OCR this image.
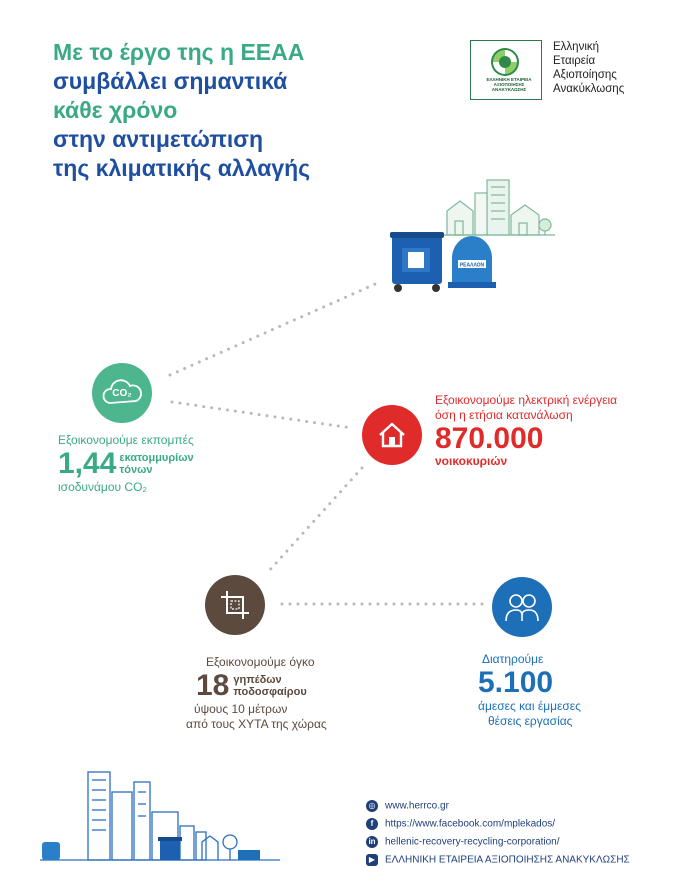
Με το έργο της η ΕΕΑΑ
συμβάλλει σημαντικά
κάθε χρόνο
στην αντιμετώπιση
της κλιματικής αλλαγής
ΕΛΛΗΝΙΚΗ ΕΤΑΙΡΕΙΑ
ΑΞΙΟΠΟΙΗΣΗΣ ΑΝΑΚΥΚΛΩΣΗΣ
Ελληνική
Εταιρεία
Αξιοποίησης
Ανακύκλωσης
ΡΕΑΛΛΟΝ
CO₂
Εξοικονομούμε εκπομπές
1,44 εκατομμυρίων
τόνων
ισοδυνάμου CO₂
Εξοικονομούμε ηλεκτρική ενέργεια
όση η ετήσια κατανάλωση
870.000
νοικοκυριών
Εξοικονομούμε όγκο
18 γηπέδων
ποδοσφαίρου
ύψους 10 μέτρων
από τους ΧΥΤΑ της χώρας
Διατηρούμε
5.100
άμεσες και έμμεσες
θέσεις εργασίας
◎ www.herrco.gr
f https://www.facebook.com/mplekados/
in hellenic-recovery-recycling-corporation/
▶ ΕΛΛΗΝΙΚΗ ΕΤΑΙΡΕΙΑ ΑΞΙΟΠΟΙΗΣΗΣ ΑΝΑΚΥΚΛΩΣΗΣ
